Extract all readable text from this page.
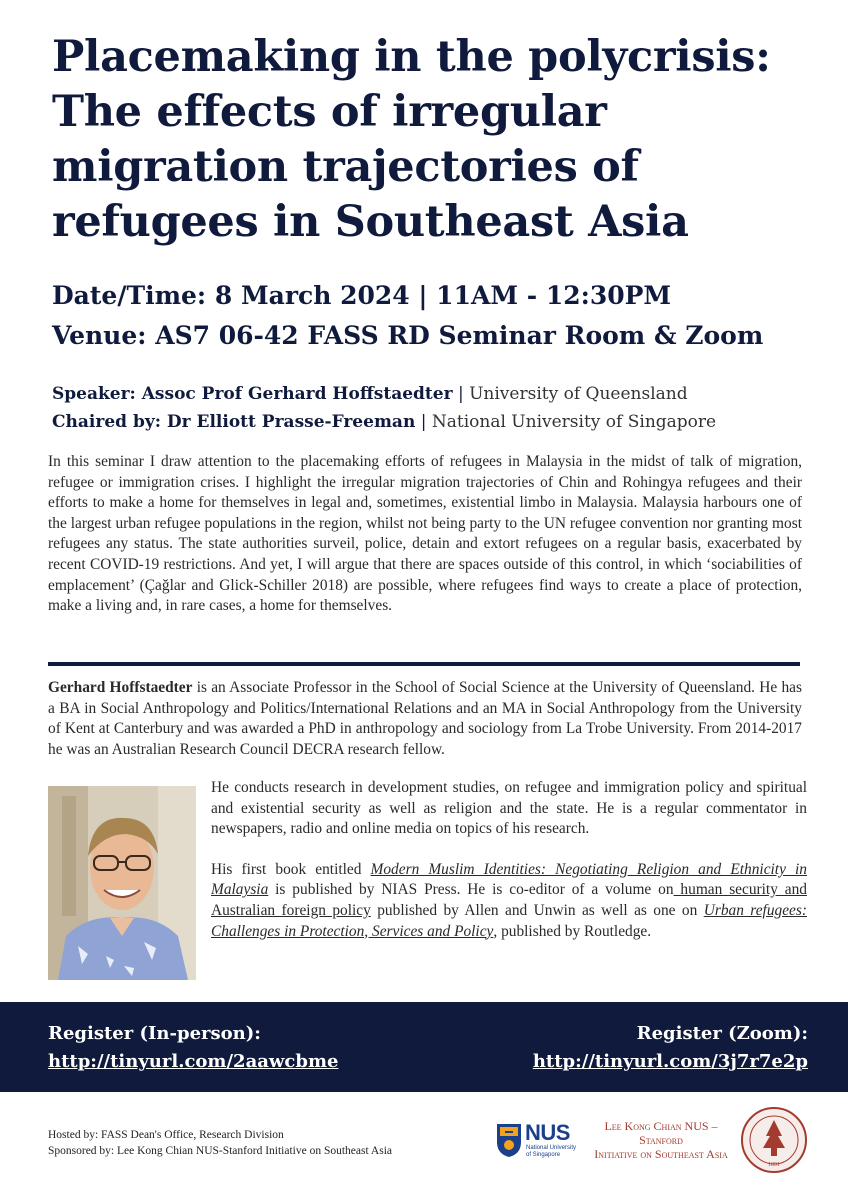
Placemaking in the polycrisis:
The effects of irregular
migration trajectories of
refugees in Southeast Asia
Date/Time: 8 March 2024 | 11AM - 12:30PM
Venue: AS7 06-42 FASS RD Seminar Room & Zoom
Speaker: Assoc Prof Gerhard Hoffstaedter | University of Queensland
Chaired by: Dr Elliott Prasse-Freeman | National University of Singapore

In this seminar I draw attention to the placemaking efforts of refugees in Malaysia in the midst of talk of migration, refugee or immigration crises. I highlight the irregular migration trajectories of Chin and Rohingya refugees and their efforts to make a home for themselves in legal and, sometimes, existential limbo in Malaysia. Malaysia harbours one of the largest urban refugee populations in the region, whilst not being party to the UN refugee convention nor granting most refugees any status. The state authorities surveil, police, detain and extort refugees on a regular basis, exacerbated by recent COVID-19 restrictions. And yet, I will argue that there are spaces outside of this control, in which ‘sociabilities of emplacement’ (Çağlar and Glick-Schiller 2018) are possible, where refugees find ways to create a place of protection, make a living and, in rare cases, a home for themselves.

Gerhard Hoffstaedter is an Associate Professor in the School of Social Science at the University of Queensland. He has a BA in Social Anthropology and Politics/International Relations and an MA in Social Anthropology from the University of Kent at Canterbury and was awarded a PhD in anthropology and sociology from La Trobe University. From 2014-2017 he was an Australian Research Council DECRA research fellow.

He conducts research in development studies, on refugee and immigration policy and spiritual and existential security as well as religion and the state. He is a regular commentator in newspapers, radio and online media on topics of his research.

His first book entitled Modern Muslim Identities: Negotiating Religion and Ethnicity in Malaysia is published by NIAS Press. He is co-editor of a volume on human security and Australian foreign policy published by Allen and Unwin as well as one on Urban refugees: Challenges in Protection, Services and Policy, published by Routledge.

Register (In-person):
http://tinyurl.com/2aawcbme
Register (Zoom):
http://tinyurl.com/3j7r7e2p
Hosted by: FASS Dean's Office, Research Division
Sponsored by: Lee Kong Chian NUS-Stanford Initiative on Southeast Asia
NUS
National University
of Singapore
Lee Kong Chian NUS – Stanford
Initiative on Southeast Asia
1891
